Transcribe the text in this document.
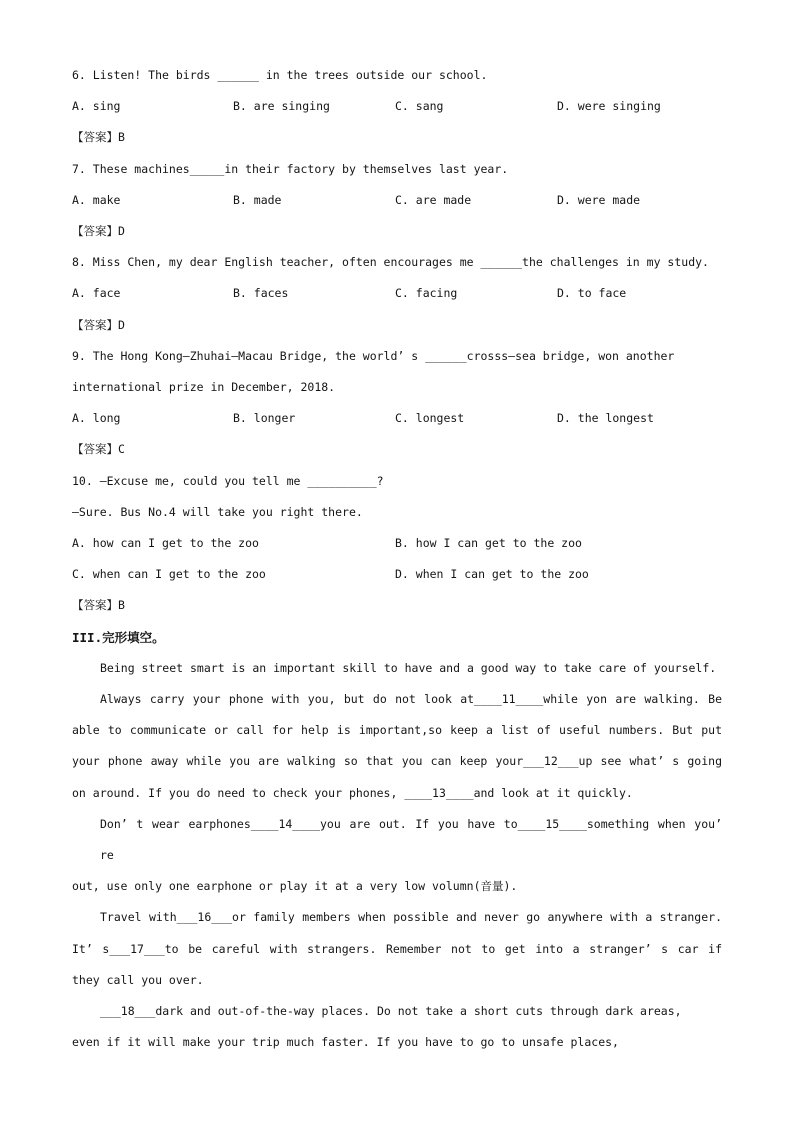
6. Listen! The birds ______ in the trees outside our school.
A. sing	B. are singing	C. sang	D. were singing
【答案】B
7. These machines_____in their factory by themselves last year.
A. make	B. made	C. are made	D. were made
【答案】D
8. Miss Chen, my dear English teacher, often encourages me ______the challenges in my study.
A. face	B. faces	C. facing	D. to face
【答案】D
9. The Hong Kong—Zhuhai—Macau Bridge, the world’ s ______crosss—sea bridge, won another
international prize in December, 2018.
A. long	B. longer	C. longest	D. the longest
【答案】C
10. —Excuse me, could you tell me __________?
—Sure. Bus No.4 will take you right there.
A. how can I get to the zoo	B. how I can get to the zoo
C. when can I get to the zoo	D. when I can get to the zoo
【答案】B
III.完形填空。
Being street smart is an important skill to have and a good way to take care of yourself.
Always carry your phone with you, but do not look at____11____while yon are walking. Be
able to communicate or call for help is important,so keep a list of useful numbers. But put
your phone away while you are walking so that you can keep your___12___up see what’ s going
on around. If you do need to check your phones, ____13____and look at it quickly.
Don’ t wear earphones____14____you are out. If you have to____15____something when you’ re
out, use only one earphone or play it at a very low volumn(音量).
Travel with___16___or family members when possible and never go anywhere with a stranger.
It’ s___17___to be careful with strangers. Remember not to get into a stranger’ s car if
they call you over.
___18___dark and out-of-the-way places. Do not take a short cuts through dark areas,
even if it will make your trip much faster. If you have to go to unsafe places,
